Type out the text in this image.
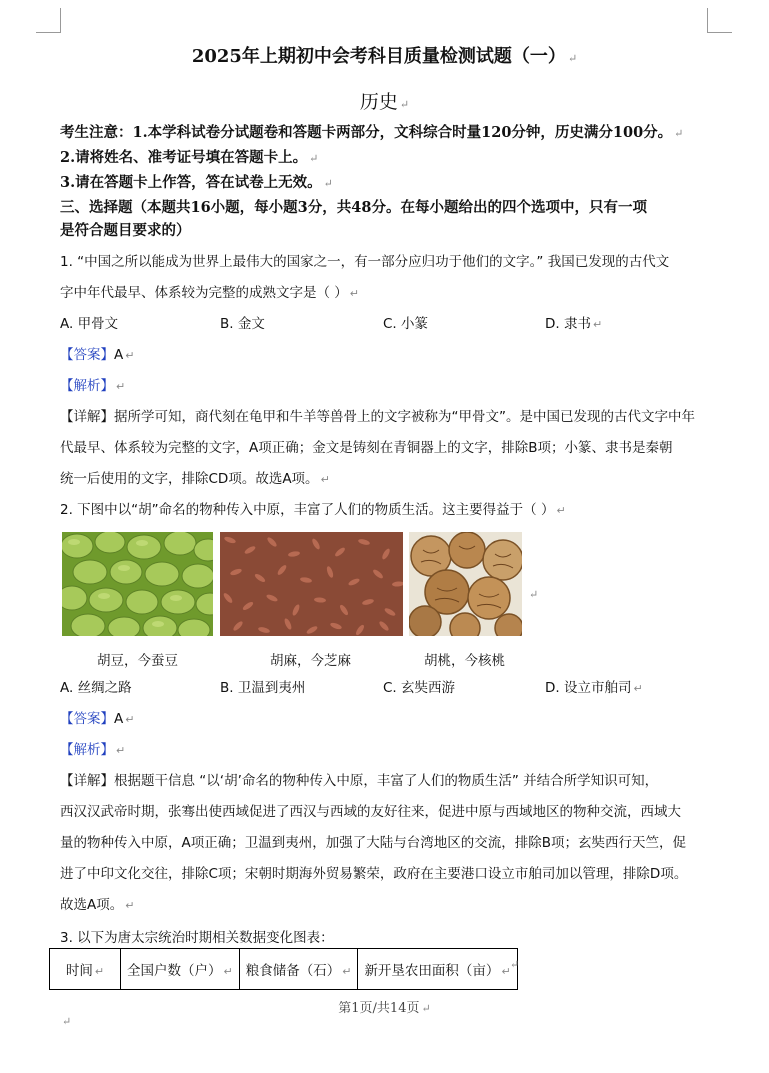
2025年上期初中会考科目质量检测试题（一） ↵
历史 ↵
考生注意：1.本学科试卷分试题卷和答题卡两部分，文科综合时量120分钟，历史满分100分。 ↵
2.请将姓名、准考证号填在答题卡上。 ↵
3.请在答题卡上作答，答在试卷上无效。 ↵
三、选择题（本题共16小题，每小题3分，共48分。在每小题给出的四个选项中，只有一项
是符合题目要求的）
1. “中国之所以能成为世界上最伟大的国家之一，有一部分应归功于他们的文字。” 我国已发现的古代文
字中年代最早、体系较为完整的成熟文字是（ ） ↵
A. 甲骨文	B. 金文	C. 小篆	D. 隶书 ↵
【答案】A ↵
【解析】 ↵
【详解】据所学可知，商代刻在龟甲和牛羊等兽骨上的文字被称为“甲骨文”。是中国已发现的古代文字中年
代最早、体系较为完整的文字，A项正确；金文是铸刻在青铜器上的文字，排除B项；小篆、隶书是秦朝
统一后使用的文字，排除CD项。故选A项。 ↵
2. 下图中以“胡”命名的物种传入中原，丰富了人们的物质生活。这主要得益于（ ） ↵
↵
胡豆，今蚕豆	胡麻，今芝麻	胡桃，今核桃
A. 丝绸之路	B. 卫温到夷州	C. 玄奘西游	D. 设立市舶司 ↵
【答案】A ↵
【解析】 ↵
【详解】根据题干信息 “以‘胡’命名的物种传入中原，丰富了人们的物质生活” 并结合所学知识可知，
西汉汉武帝时期，张骞出使西域促进了西汉与西域的友好往来，促进中原与西域地区的物种交流，西域大
量的物种传入中原，A项正确；卫温到夷州，加强了大陆与台湾地区的交流，排除B项；玄奘西行天竺，促
进了中印文化交往，排除C项；宋朝时期海外贸易繁荣，政府在主要港口设立市舶司加以管理，排除D项。
故选A项。 ↵
3. 以下为唐太宗统治时期相关数据变化图表：
时间 ↵	全国户数（户） ↵	粮食储备（石） ↵	新开垦农田面积（亩） ↵
↵
第1页/共14页 ↵
↵
